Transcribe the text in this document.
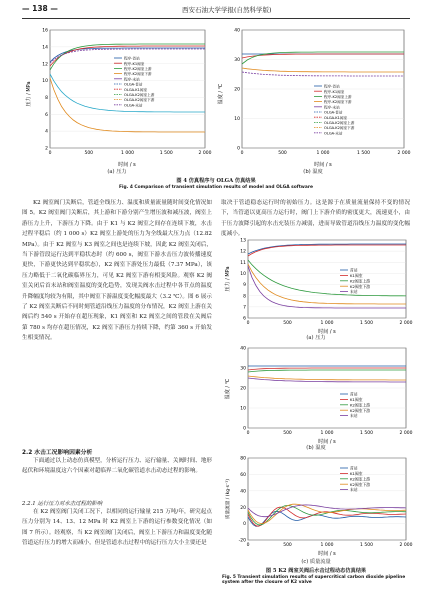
— 138 —	西安石油大学学报(自然科学版)
16
14
12
10
8
6
4
2
0	500	1 000	1 500	2 000
压力 / MPa
时间 / s
程序-首站
程序-K1阀室
程序-K2阀室上游
程序-K2阀室下游
程序-末站
OLGA-首站
OLGA-K1阀室
OLGA-K2阀室上游
OLGA-K2阀室下游
OLGA-末站
40
30
20
10
0
0	500	1 000	1 500	2 000
温度 / ℃
时间 / s
程序-首站
程序-K1阀室
程序-K2阀室上游
程序-K2阀室下游
程序-末站
OLGA-首站
OLGA-K1阀室
OLGA-K2阀室上游
OLGA-K2阀室下游
OLGA-末站
(a) 压力	(b) 温度
图 4 仿真程序与 OLGA 仿真结果
Fig. 4 Comparison of transient simulation results of model and OLGA software
K2 阀室阀门关断后，管道全线压力、温度和质量流量随时间变化情况如图 5。K2 阀室阀门关断后，其上游和下游分别产生增压波和减压波，阀室上游压力上升，下游压力下降。由于 K1 与 K2 阀室之间存在连续下坡，水击过程平稳后（约 1 000 s）K2 阀室上游处的压力为全线最大压力点（12.82 MPa）。由于 K2 阀室与 K3 阀室之间也是连续下坡，因此 K2 阀室关闭后，当下游管段运行达到平稳状态时（约 600 s，阀室下游水击压力波传播速度更快，下游更快达到平稳状态），K2 阀室下游处压力最低（7.37 MPa），该压力略低于二氧化碳临界压力，可见 K2 阀室下游有相变风险。观察 K2 阀室关闭后首末站和阀室温度的变化趋势，发现关阀水击过程中各节点的温度升降幅度均较为有限，其中阀室下游温度变化幅度最大（3.2 ℃）。图 6 展示了 K2 阀室关断后不同时刻管道沿线压力温度的分布情况，K2 阀室上游在关阀后约 540 s 开始存在超压现象，K1 阀室和 K2 阀室之间的管段在关阀后第 780 s 均存在超压情况，K2 阀室下游压力持续下降，约第 360 s 开始发生相变情况。
2.2 水击工况影响因素分析
下面通过以上动态仿真模型，分析运行压力、运行输量、关阀时间、地形起伏和环境温度这六个因素对超临界二氧化碳管道水击动态过程的影响。
2.2.1 运行压力对水击过程的影响
在 K2 阀室阀门关闭工况下，以相同的运行输量 215 万吨/年，研究起点压力分别为 14、13、12 MPa 时 K2 阀室上下游的运行参数变化情况（如图 7 所示）。经观察，当 K2 阀室阀门关闭后，阀室上下游压力和温度变化随管道运行压力的增大而减小，但是管道水击过程中的运行压力大小主要还是
取决于管道稳态运行时的初始压力。这是源于在质量流量保持不变的情况下，当管道以更高压力运行时，阀门上下游介质的密度更大，流速更小，由于压力波降引起的水击充装压力减弱，进而导致管道沿线压力温度的变化幅度减小。
13
12
11
10
9
8
7
6
0	500	1 000	1 500	2 000
压力 / MPa
时间 / s
首站
K1阀室
K2阀室上游
K2阀室下游
末站
(a) 压力
40
30
20
10
0
0	500	1 000	1 500	2 000
温度 / ℃
时间 / s
首站
K1阀室
K2阀室上游
K2阀室下游
末站
(b) 温度
80
60
40
20
0
-20
0	500	1 000	1 500	2 000
质量流量 / (kg·s⁻¹)
时间 / s
首站
K1阀室
K2阀室上游
K2阀室下游
末站
(c) 质量流量
图 5 K2 阀室关阀后水击过程动态仿真结果
Fig. 5 Transient simulation results of supercritical carbon dioxide pipeline system after the closure of K2 valve
